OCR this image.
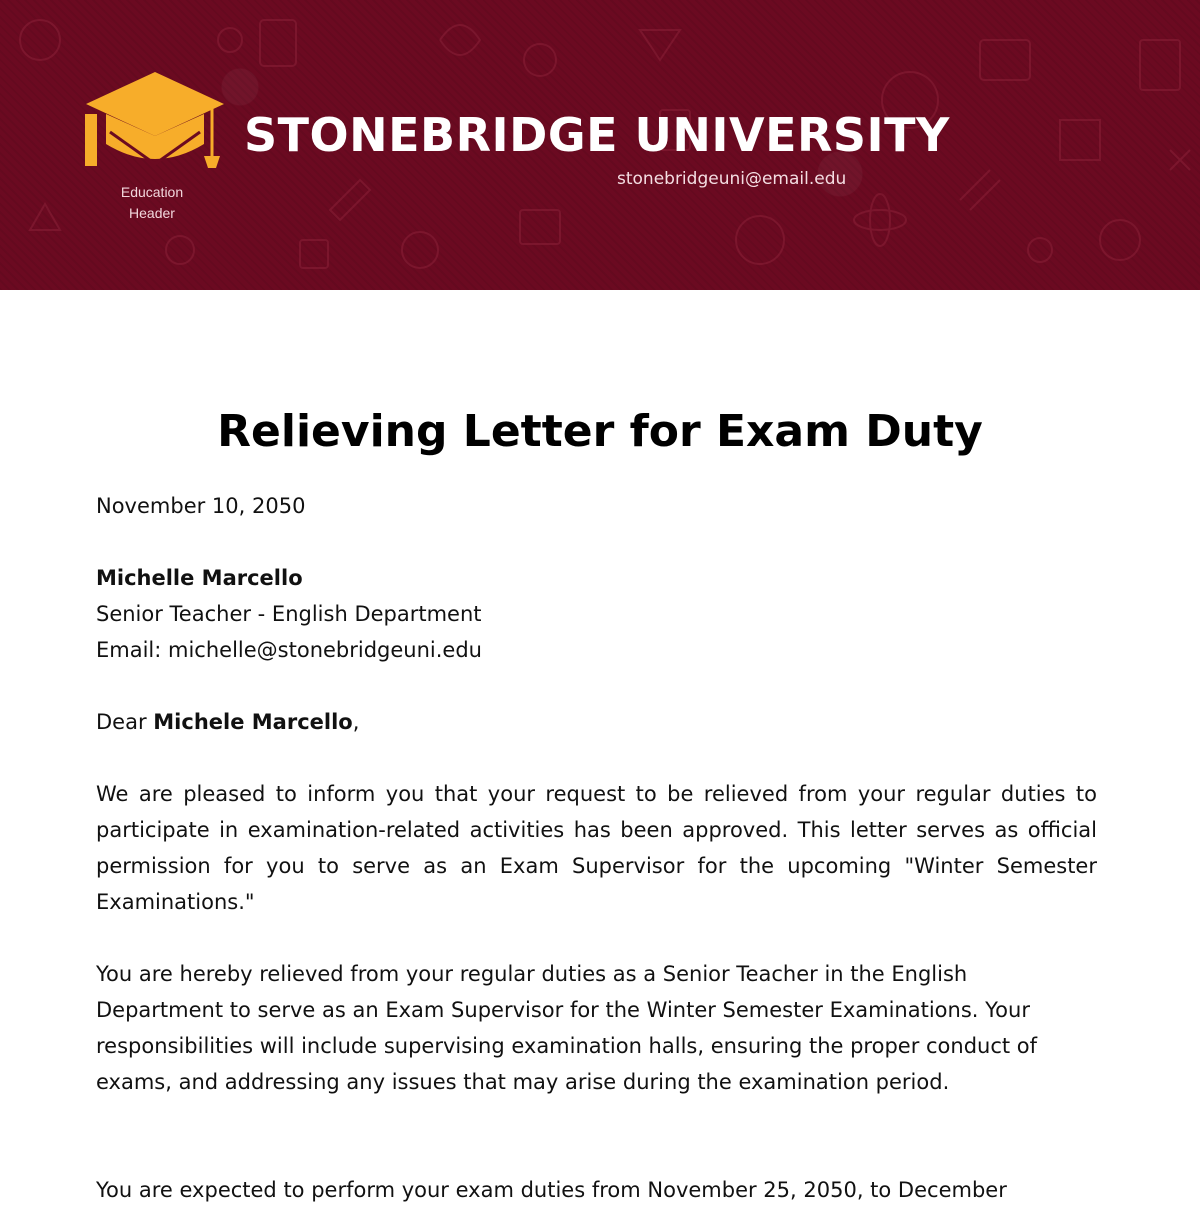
Education Header
STONEBRIDGE UNIVERSITY
stonebridgeuni@email.edu
Relieving Letter for Exam Duty
November 10, 2050
Michelle Marcello
Senior Teacher - English Department
Email: michelle@stonebridgeuni.edu
Dear Michele Marcello,
We are pleased to inform you that your request to be relieved from your regular duties to participate in examination-related activities has been approved. This letter serves as official permission for you to serve as an Exam Supervisor for the upcoming "Winter Semester Examinations."
You are hereby relieved from your regular duties as a Senior Teacher in the English Department to serve as an Exam Supervisor for the Winter Semester Examinations. Your responsibilities will include supervising examination halls, ensuring the proper conduct of exams, and addressing any issues that may arise during the examination period.
You are expected to perform your exam duties from November 25, 2050, to December
